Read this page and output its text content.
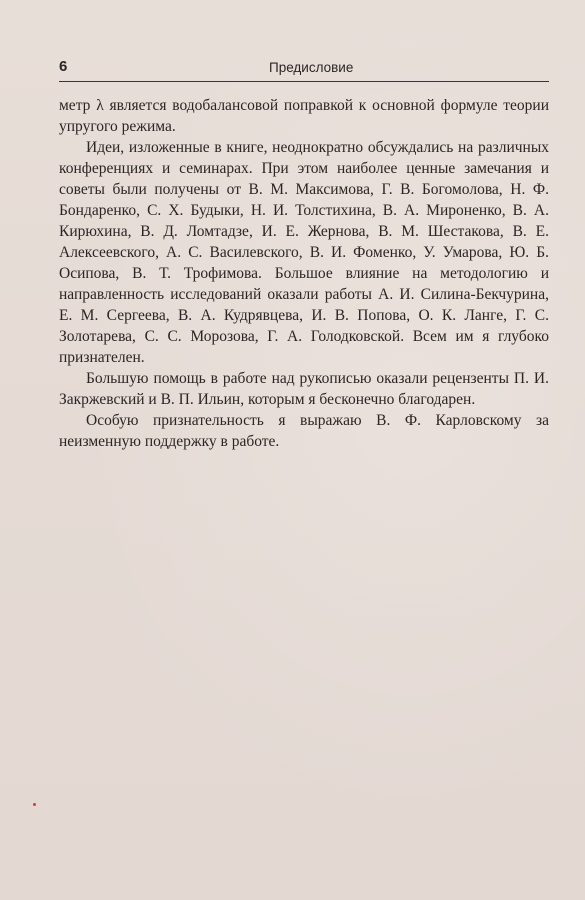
6	Предисловие

метр λ является водобалансовой поправкой к основной формуле теории упругого режима.

Идеи, изложенные в книге, неоднократно обсуждались на различных конференциях и семинарах. При этом наиболее ценные замечания и советы были получены от В. М. Максимова, Г. В. Богомолова, Н. Ф. Бондаренко, С. Х. Будыки, Н. И. Толстихина, В. А. Мироненко, В. А. Кирюхина, В. Д. Ломтадзе, И. Е. Жернова, В. М. Шестакова, В. Е. Алексеевского, А. С. Василевского, В. И. Фоменко, У. Умарова, Ю. Б. Осипова, В. Т. Трофимова. Большое влияние на методологию и направленность исследований оказали работы А. И. Силина-Бекчурина, Е. М. Сергеева, В. А. Кудрявцева, И. В. Попова, О. К. Ланге, Г. С. Золотарева, С. С. Морозова, Г. А. Голодковской. Всем им я глубоко признателен.

Большую помощь в работе над рукописью оказали рецензенты П. И. Закржевский и В. П. Ильин, которым я бесконечно благодарен.

Особую признательность я выражаю В. Ф. Карловскому за неизменную поддержку в работе.
